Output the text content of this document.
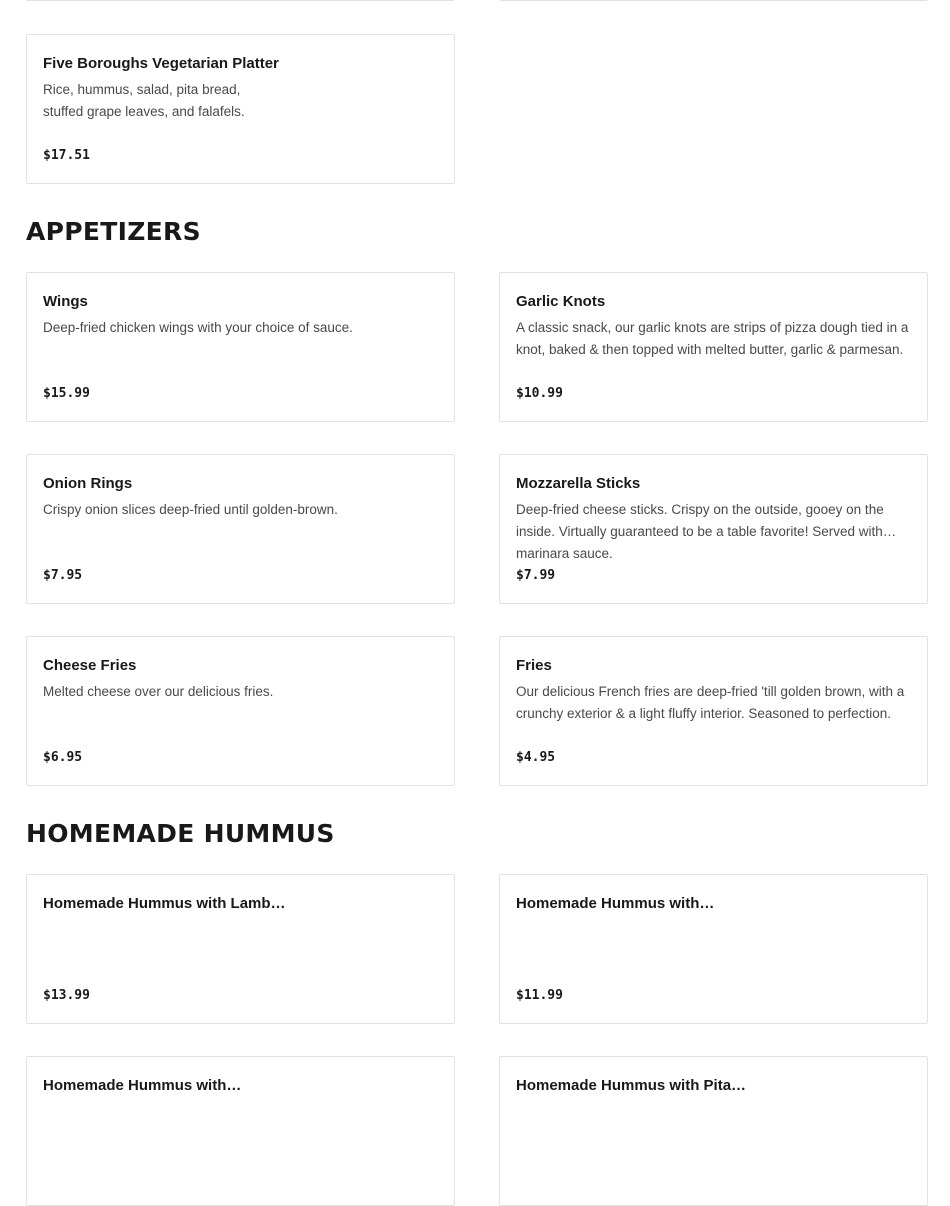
Five Boroughs Vegetarian Platter
Rice, hummus, salad, pita bread, stuffed grape leaves, and falafels.
$17.51
APPETIZERS
Wings
Deep-fried chicken wings with your choice of sauce.
$15.99
Garlic Knots
A classic snack, our garlic knots are strips of pizza dough tied in a knot, baked & then topped with melted butter, garlic & parmesan.
$10.99
Onion Rings
Crispy onion slices deep-fried until golden-brown.
$7.95
Mozzarella Sticks
Deep-fried cheese sticks. Crispy on the outside, gooey on the inside. Virtually guaranteed to be a table favorite! Served with marinara sauce.
$7.99
Cheese Fries
Melted cheese over our delicious fries.
$6.95
Fries
Our delicious French fries are deep-fried 'till golden brown, with a crunchy exterior & a light fluffy interior. Seasoned to perfection.
$4.95
HOMEMADE HUMMUS
Homemade Hummus with Lamb…
$13.99
Homemade Hummus with…
$11.99
Homemade Hummus with…	Homemade Hummus with Pita…
